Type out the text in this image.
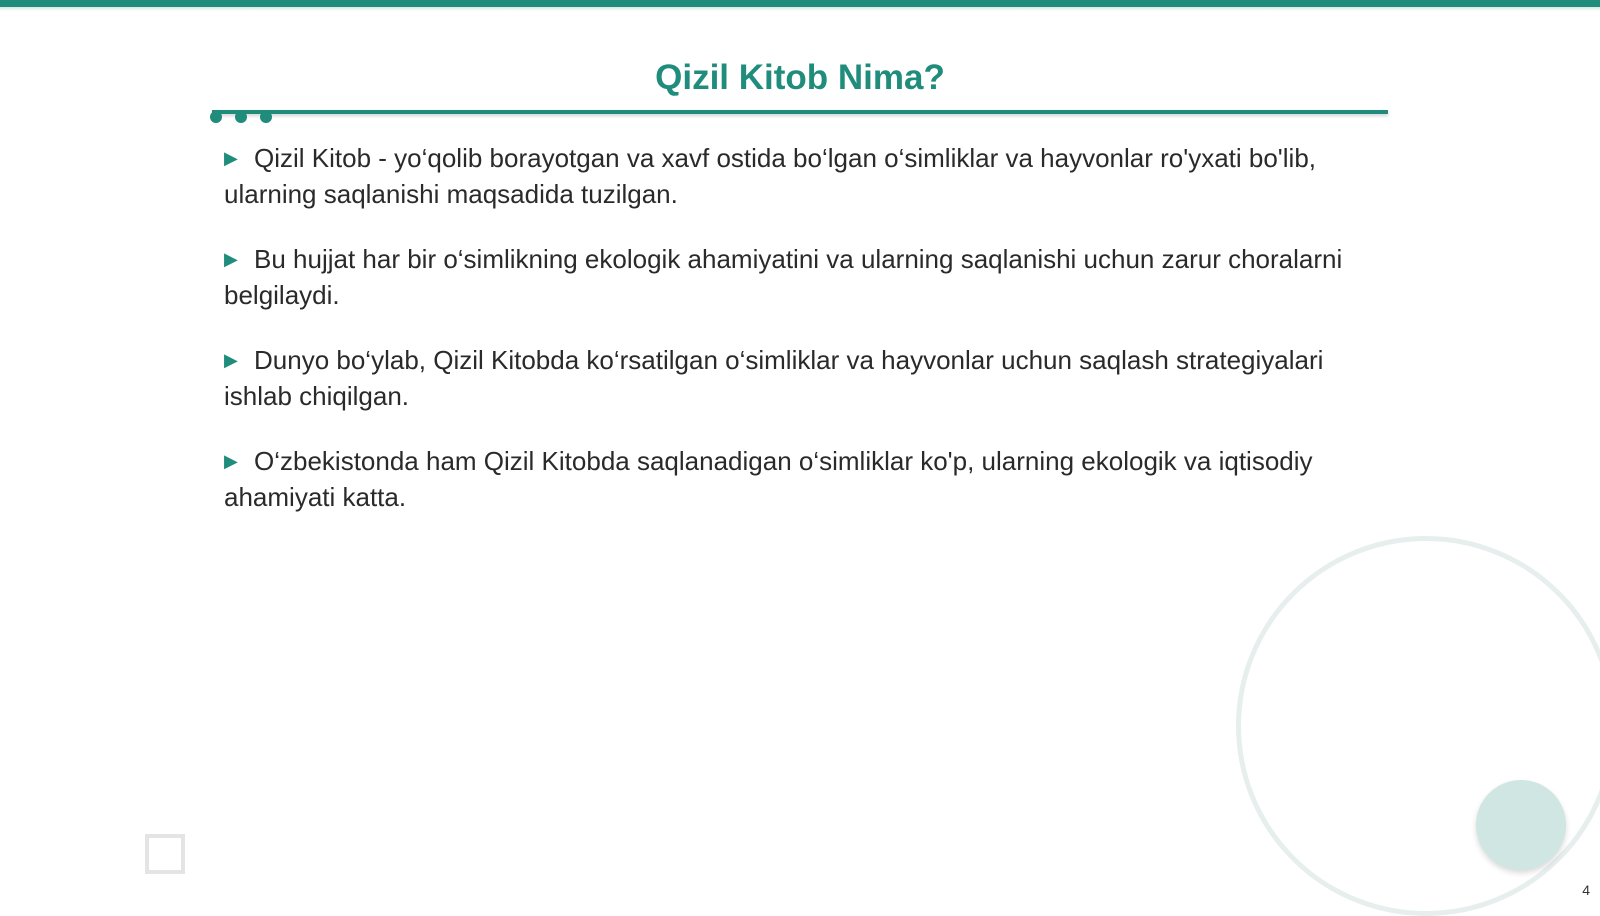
Qizil Kitob Nima?
▶ Qizil Kitob - yo‘qolib borayotgan va xavf ostida bo‘lgan o‘simliklar va hayvonlar ro'yxati bo'lib, ularning saqlanishi maqsadida tuzilgan.
▶ Bu hujjat har bir o‘simlikning ekologik ahamiyatini va ularning saqlanishi uchun zarur choralarni belgilaydi.
▶ Dunyo bo‘ylab, Qizil Kitobda ko‘rsatilgan o‘simliklar va hayvonlar uchun saqlash strategiyalari ishlab chiqilgan.
▶ O‘zbekistonda ham Qizil Kitobda saqlanadigan o‘simliklar ko'p, ularning ekologik va iqtisodiy ahamiyati katta.
4
